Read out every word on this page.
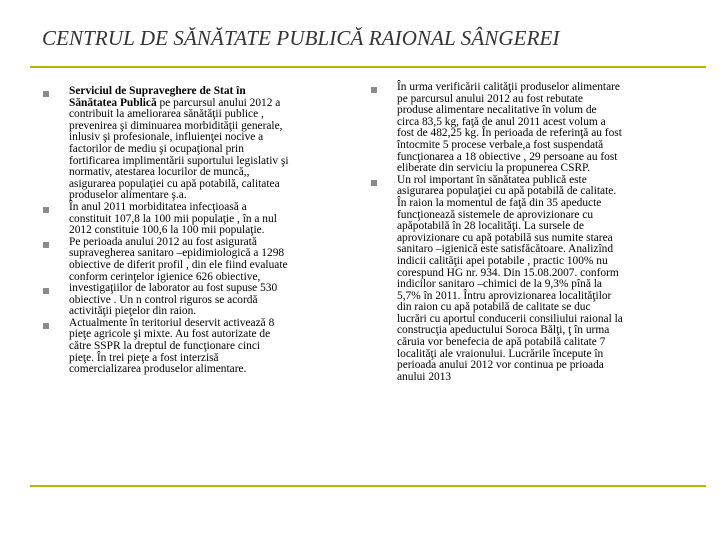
CENTRUL DE SĂNĂTATE PUBLICĂ RAIONAL SÂNGEREI

Serviciul de Supraveghere de Stat în
Sănătatea Publică pe parcursul anului 2012 a
contribuit la ameliorarea sănătăţii publice ,
prevenirea şi diminuarea morbidităţii generale,
inlusiv şi profesionale, influienţei nocive a
factorilor de mediu şi ocupaţional prin
fortificarea implimentării suportului legislativ şi
normativ, atestarea locurilor de muncă,,
asigurarea populaţiei cu apă potabilă, calitatea
produselor alimentare ş.a.

În anul 2011 morbiditatea infecţioasă a
constituit 107,8 la 100 mii populaţie , în a nul
2012 constituie 100,6 la 100 mii populaţie.

Pe perioada anului 2012 au fost asigurată
supravegherea sanitaro –epidimiologică a 1298
obiective de diferit profil , din ele fiind evaluate
conform cerinţelor igienice 626 obiective,

investigaţiilor de laborator au fost supuse 530
obiective . Un n control riguros se acordă
activităţii pieţelor din raion.

Actualmente în teritoriul deservit activează 8
pieţe agricole şi mixte. Au fost autorizate de
către SSPR la dreptul de funcţionare cinci
pieţe. În trei pieţe a fost interzisă
comercializarea produselor alimentare.

În urma verificării calităţii produselor alimentare
pe parcursul anului 2012 au fost rebutate
produse alimentare necalitative în volum de
circa 83,5 kg, faţă de anul 2011 acest volum a
fost de 482,25 kg. În perioada de referinţă au fost
întocmite 5 procese verbale,a fost suspendată
funcţionarea a 18 obiective , 29 persoane au fost
eliberate din serviciu la propunerea CSRP.

Un rol important în sănătatea publică este
asigurarea populaţiei cu apă potabilă de calitate.
În raion la momentul de faţă din 35 apeducte
funcţionează sistemele de aprovizionare cu
apăpotabilă în 28 localităţi. La sursele de
aprovizionare cu apă potabilă sus numite starea
sanitaro –igienică este satisfăcătoare. Analizînd
indicii calităţii apei potabile , practic 100% nu
corespund HG nr. 934. Din 15.08.2007. conform
indicilor sanitaro –chimici de la 9,3% pînă la
5,7% în 2011. Întru aprovizionarea localităţilor
din raion cu apă potabilă de calitate se duc
lucrări cu aportul conducerii consiliului raional la
construcţia apeductului Soroca Bălţi, ţ în urma
căruia vor benefecia de apă potabilă calitate 7
localităţi ale vraionului. Lucrările începute în
perioada anului 2012 vor continua pe prioada
anului 2013
